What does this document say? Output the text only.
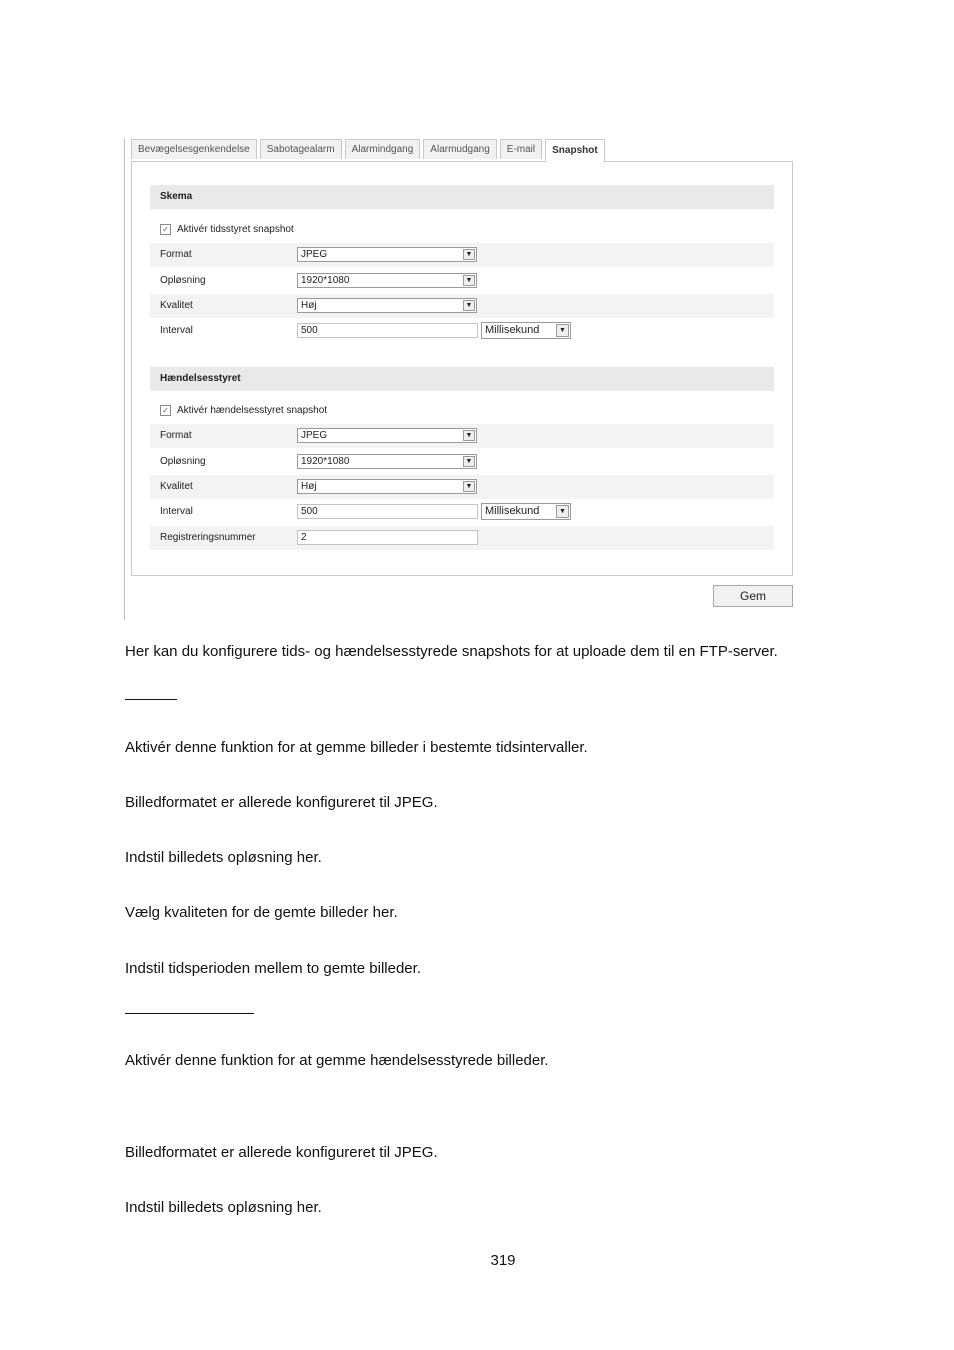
Bevægelsesgenkendelse	Sabotagealarm	Alarmindgang	Alarmudgang	E-mail	Snapshot
Skema
✓ Aktivér tidsstyret snapshot
Format	JPEG	▼
Opløsning	1920*1080	▼
Kvalitet	Høj	▼
Interval	500	Millisekund	▼
Hændelsesstyret
✓ Aktivér hændelsesstyret snapshot
Format	JPEG	▼
Opløsning	1920*1080	▼
Kvalitet	Høj	▼
Interval	500	Millisekund	▼
Registreringsnummer	2
Gem
Her kan du konfigurere tids- og hændelsesstyrede snapshots for at uploade dem til en FTP-server.
Aktivér denne funktion for at gemme billeder i bestemte tidsintervaller.
Billedformatet er allerede konfigureret til JPEG.
Indstil billedets opløsning her.
Vælg kvaliteten for de gemte billeder her.
Indstil tidsperioden mellem to gemte billeder.
Aktivér denne funktion for at gemme hændelsesstyrede billeder.
Billedformatet er allerede konfigureret til JPEG.
Indstil billedets opløsning her.
319
